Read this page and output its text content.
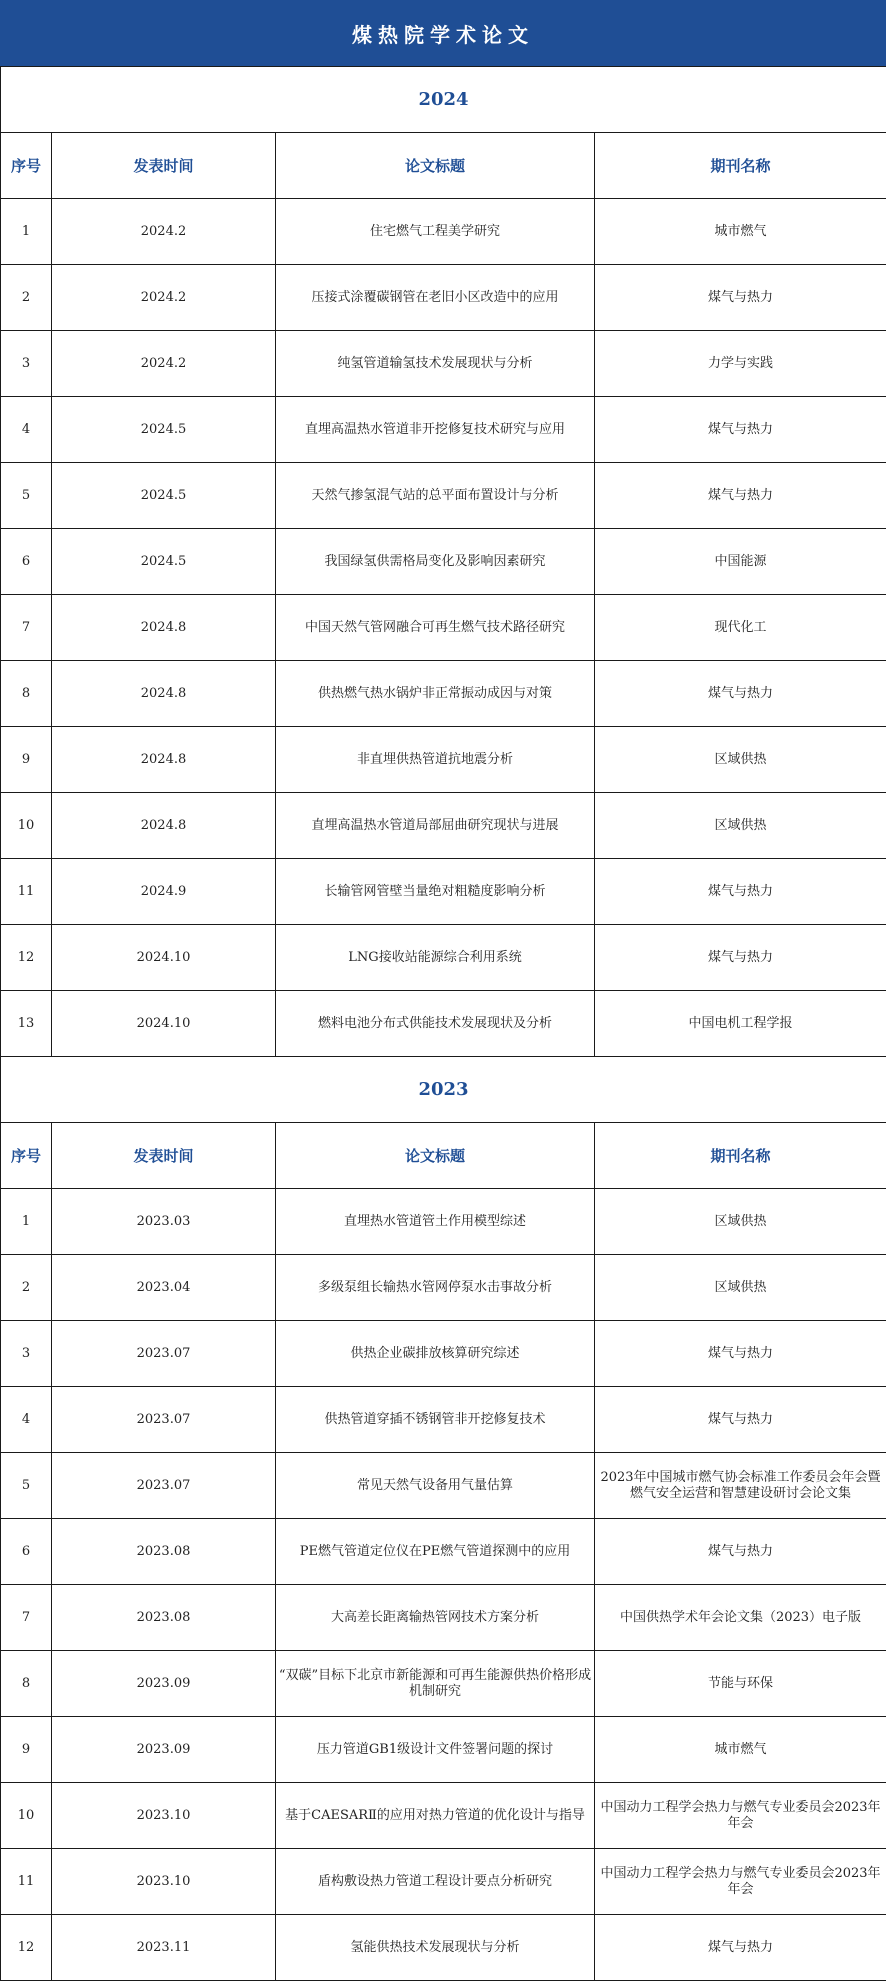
煤热院学术论文
2024			
序号	发表时间	论文标题	期刊名称
1	2024.2	住宅燃气工程美学研究	城市燃气
2	2024.2	压接式涂覆碳钢管在老旧小区改造中的应用	煤气与热力
3	2024.2	纯氢管道输氢技术发展现状与分析	力学与实践
4	2024.5	直埋高温热水管道非开挖修复技术研究与应用	煤气与热力
5	2024.5	天然气掺氢混气站的总平面布置设计与分析	煤气与热力
6	2024.5	我国绿氢供需格局变化及影响因素研究	中国能源
7	2024.8	中国天然气管网融合可再生燃气技术路径研究	现代化工
8	2024.8	供热燃气热水锅炉非正常振动成因与对策	煤气与热力
9	2024.8	非直埋供热管道抗地震分析	区域供热
10	2024.8	直埋高温热水管道局部屈曲研究现状与进展	区域供热
11	2024.9	长输管网管壁当量绝对粗糙度影响分析	煤气与热力
12	2024.10	LNG接收站能源综合利用系统	煤气与热力
13	2024.10	燃料电池分布式供能技术发展现状及分析	中国电机工程学报
2023			
序号	发表时间	论文标题	期刊名称
1	2023.03	直埋热水管道管土作用模型综述	区域供热
2	2023.04	多级泵组长输热水管网停泵水击事故分析	区域供热
3	2023.07	供热企业碳排放核算研究综述	煤气与热力
4	2023.07	供热管道穿插不锈钢管非开挖修复技术	煤气与热力
5	2023.07	常见天然气设备用气量估算	2023年中国城市燃气协会标准工作委员会年会暨燃气安全运营和智慧建设研讨会论文集
6	2023.08	PE燃气管道定位仪在PE燃气管道探测中的应用	煤气与热力
7	2023.08	大高差长距离输热管网技术方案分析	中国供热学术年会论文集（2023）电子版
8	2023.09	“双碳”目标下北京市新能源和可再生能源供热价格形成机制研究	节能与环保
9	2023.09	压力管道GB1级设计文件签署问题的探讨	城市燃气
10	2023.10	基于CAESARⅡ的应用对热力管道的优化设计与指导	中国动力工程学会热力与燃气专业委员会2023年年会
11	2023.10	盾构敷设热力管道工程设计要点分析研究	中国动力工程学会热力与燃气专业委员会2023年年会
12	2023.11	氢能供热技术发展现状与分析	煤气与热力
